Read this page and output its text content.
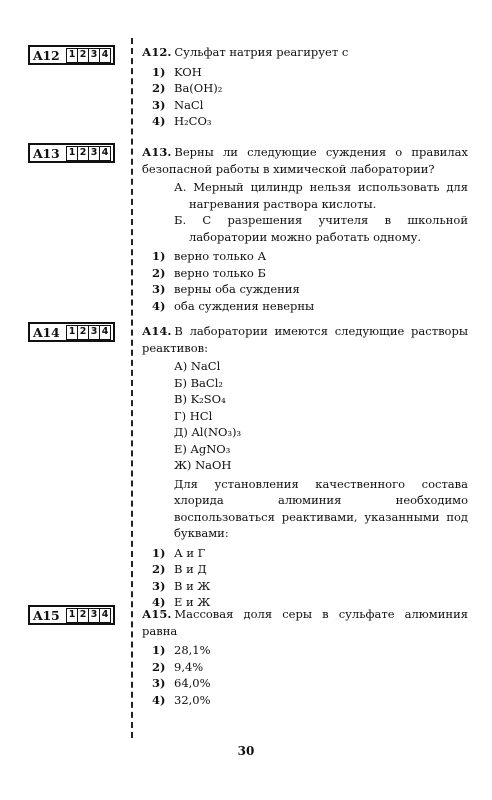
A12 1 2 3 4	А12. Сульфат натрия реагирует с
1) KOH
2) Ba(OH)₂
3) NaCl
4) H₂CO₃
A13 1 2 3 4	А13. Верны ли следующие суждения о правилах безопасной работы в химической лаборатории?
А. Мерный цилиндр нельзя использовать для нагревания раствора кислоты.
Б. С разрешения учителя в школьной лаборатории можно работать одному.
1) верно только А
2) верно только Б
3) верны оба суждения
4) оба суждения неверны
A14 1 2 3 4	А14. В лаборатории имеются следующие растворы реактивов:
А) NaCl
Б) BaCl₂
В) K₂SO₄
Г) HCl
Д) Al(NO₃)₃
Е) AgNO₃
Ж) NaOH
Для установления качественного состава хлорида алюминия необходимо воспользоваться реактивами, указанными под буквами:
1) А и Г
2) В и Д
3) В и Ж
4) Е и Ж
A15 1 2 3 4	А15. Массовая доля серы в сульфате алюминия равна
1) 28,1%
2) 9,4%
3) 64,0%
4) 32,0%
30
